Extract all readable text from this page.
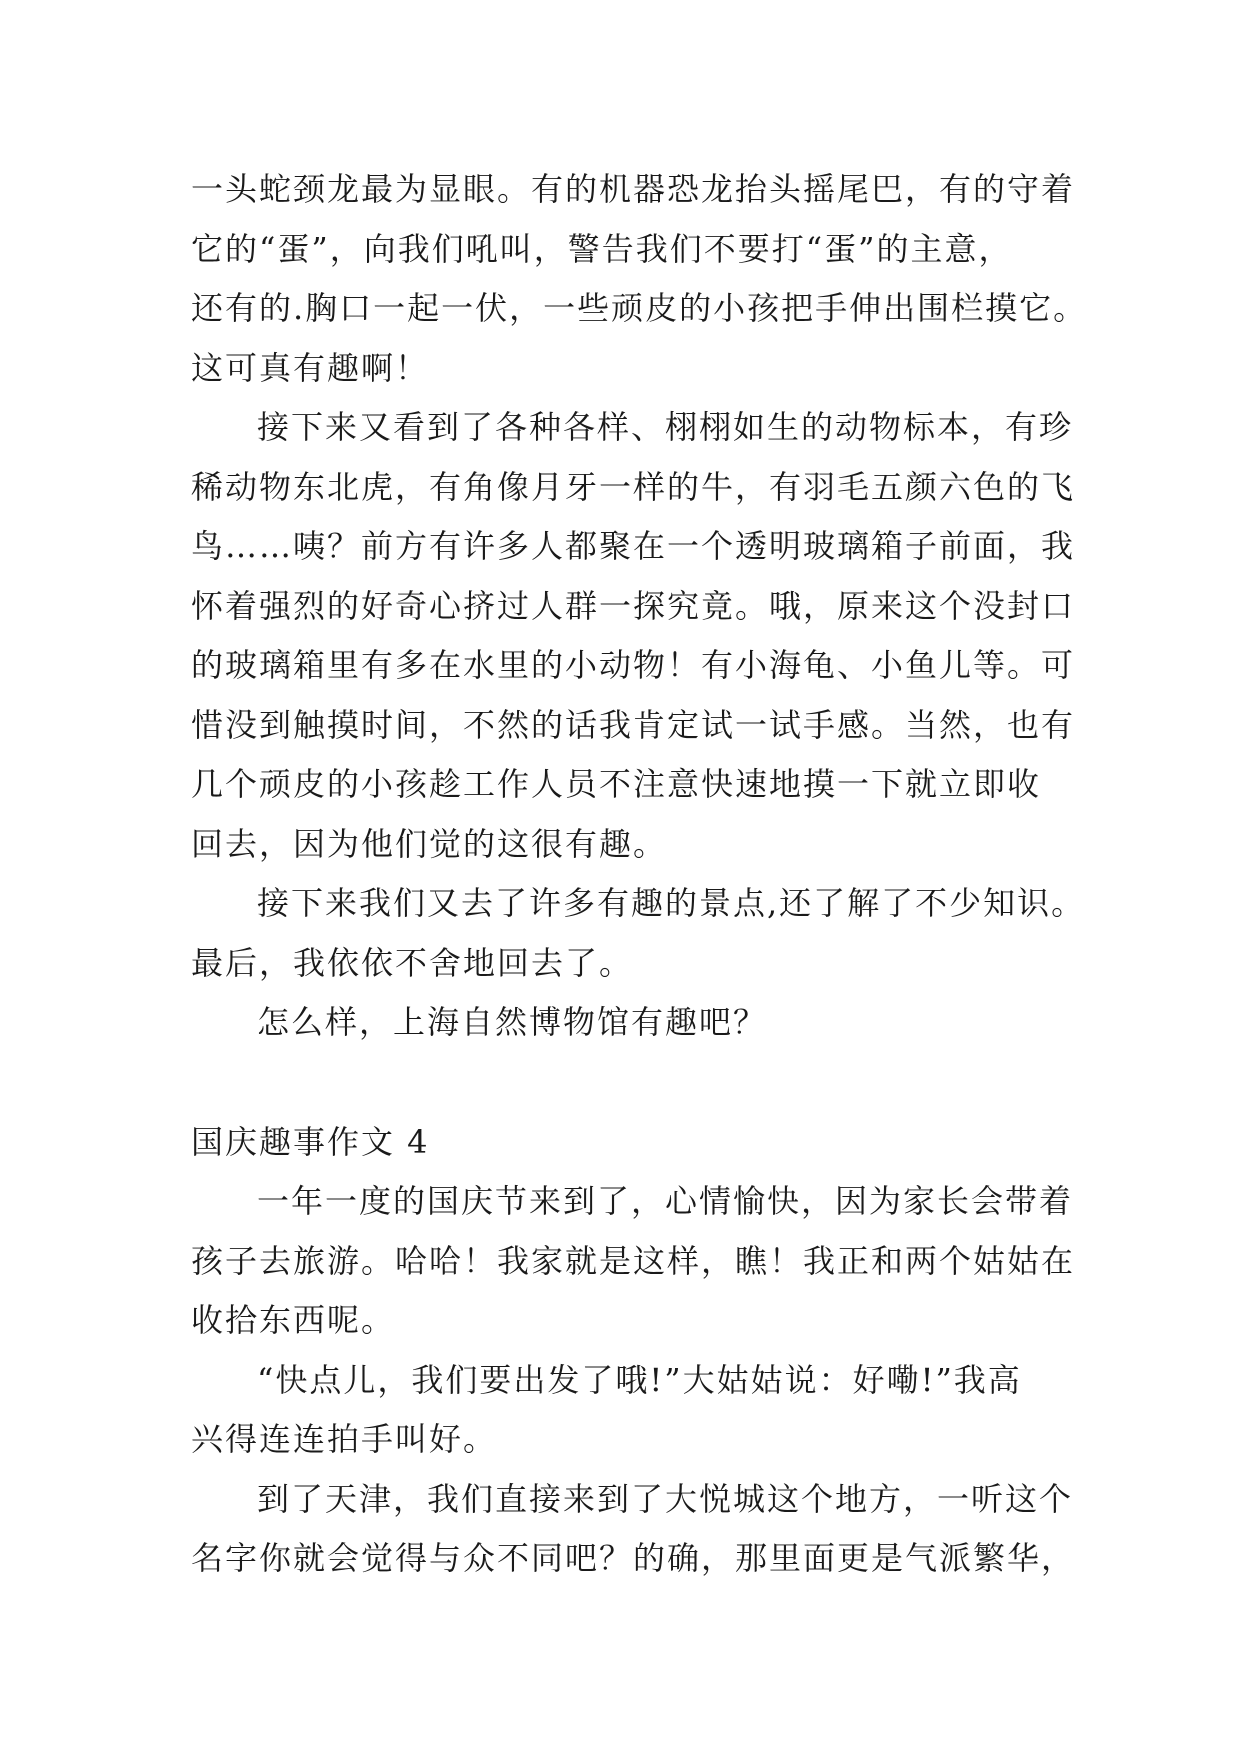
一头蛇颈龙最为显眼。有的机器恐龙抬头摇尾巴，有的守着
它的“蛋”，向我们吼叫，警告我们不要打“蛋”的主意，
还有的.胸口一起一伏，一些顽皮的小孩把手伸出围栏摸它。
这可真有趣啊！
接下来又看到了各种各样、栩栩如生的动物标本，有珍
稀动物东北虎，有角像月牙一样的牛，有羽毛五颜六色的飞
鸟……咦？前方有许多人都聚在一个透明玻璃箱子前面，我
怀着强烈的好奇心挤过人群一探究竟。哦，原来这个没封口
的玻璃箱里有多在水里的小动物！有小海龟、小鱼儿等。可
惜没到触摸时间，不然的话我肯定试一试手感。当然，也有
几个顽皮的小孩趁工作人员不注意快速地摸一下就立即收
回去，因为他们觉的这很有趣。
接下来我们又去了许多有趣的景点,还了解了不少知识。
最后，我依依不舍地回去了。
怎么样，上海自然博物馆有趣吧？
国庆趣事作文 4
一年一度的国庆节来到了，心情愉快，因为家长会带着
孩子去旅游。哈哈！我家就是这样，瞧！我正和两个姑姑在
收拾东西呢。
“快点儿，我们要出发了哦!”大姑姑说：好嘞!”我高
兴得连连拍手叫好。
到了天津，我们直接来到了大悦城这个地方，一听这个
名字你就会觉得与众不同吧？的确，那里面更是气派繁华，
